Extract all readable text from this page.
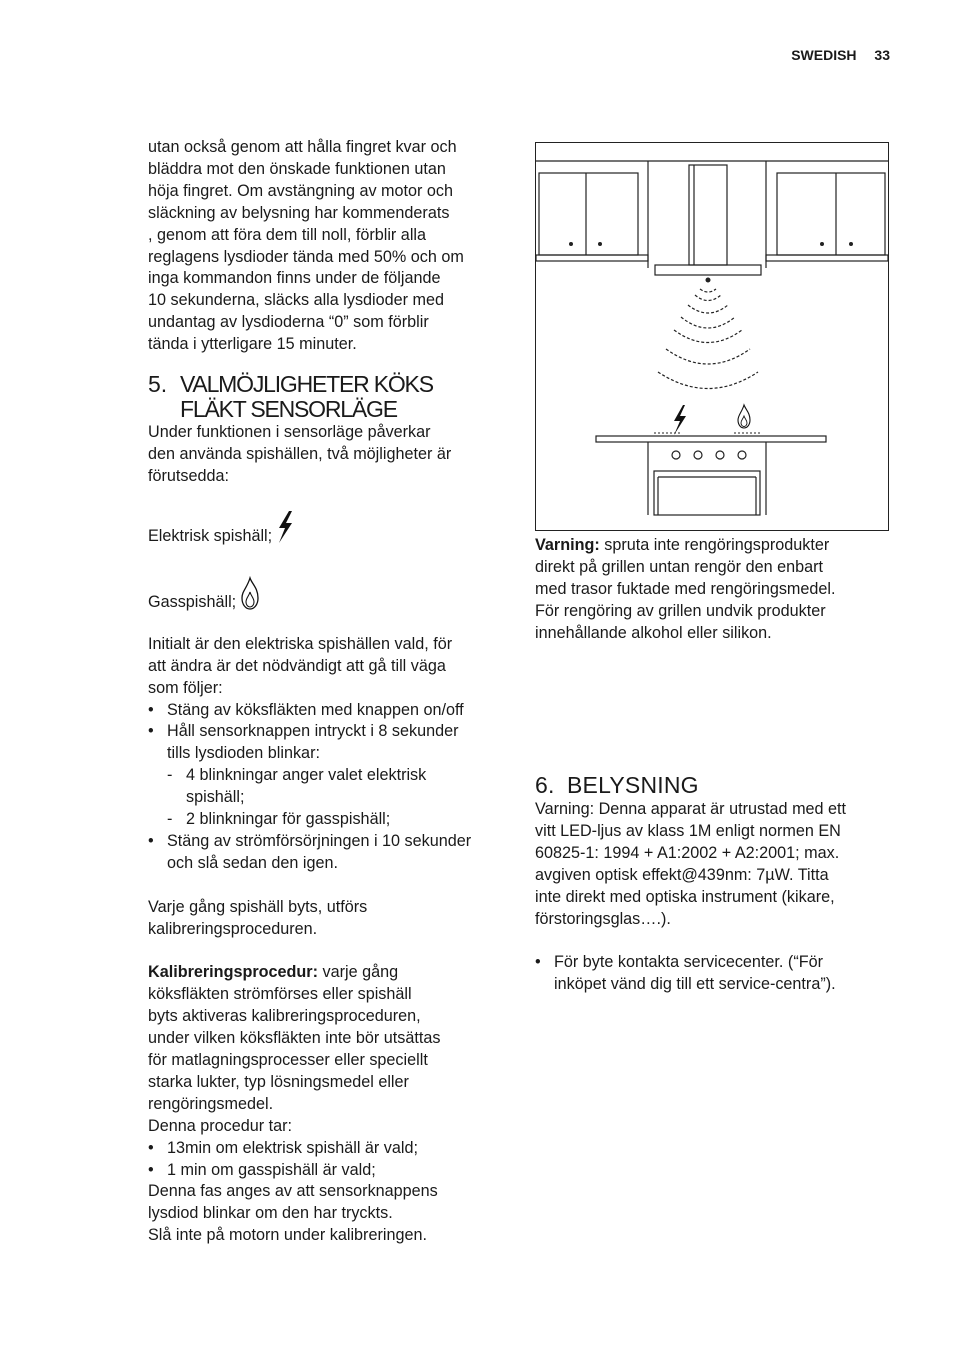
SWEDISH 33

utan också genom att hålla fingret kvar och

bläddra mot den önskade funktionen utan

höja fingret. Om avstängning av motor och

släckning av belysning har kommenderats

, genom att föra dem till noll, förblir alla

reglagens lysdioder tända med 50% och om

inga kommandon finns under de följande

10 sekunderna, släcks alla lysdioder med

undantag av lysdioderna “0” som förblir

tända i ytterligare 15 minuter.

5. VALMÖJLIGHETER KÖKS
FLÄKT SENSORLÄGE

Under funktionen i sensorläge påverkar

den använda spishällen, två möjligheter är

förutsedda:

Elektrisk spishäll;
Gasspishäll;

Initialt är den elektriska spishällen vald, för

att ändra är det nödvändigt att gå till väga

som följer:

• Stäng av köksfläkten med knappen on/off
• Håll sensorknappen intryckt i 8 sekunder
tills lysdioden blinkar:
- 4 blinkningar anger valet elektrisk
spishäll;
- 2 blinkningar för gasspishäll;
• Stäng av strömförsörjningen i 10 sekunder
och slå sedan den igen.

Varje gång spishäll byts, utförs

kalibreringsproceduren.

Kalibreringsprocedur: varje gång

köksfläkten strömförses eller spishäll

byts aktiveras kalibreringsproceduren,

under vilken köksfläkten inte bör utsättas

för matlagningsprocesser eller speciellt

starka lukter, typ lösningsmedel eller

rengöringsmedel.

Denna procedur tar:

• 13min om elektrisk spishäll är vald;
• 1 min om gasspishäll är vald;

Denna fas anges av att sensorknappens

lysdiod blinkar om den har tryckts.

Slå inte på motorn under kalibreringen.

Varning: spruta inte rengöringsprodukter

direkt på grillen untan rengör den enbart

med trasor fuktade med rengöringsmedel.

För rengöring av grillen undvik produkter

innehållande alkohol eller silikon.

6. BELYSNING

Varning: Denna apparat är utrustad med ett

vitt LED-ljus av klass 1M enligt normen EN

60825-1: 1994 + A1:2002 + A2:2001; max.

avgiven optisk effekt@439nm: 7µW. Titta

inte direkt med optiska instrument (kikare,

förstoringsglas….).

• För byte kontakta servicecenter. (“För
inköpet vänd dig till ett service-centra”).
